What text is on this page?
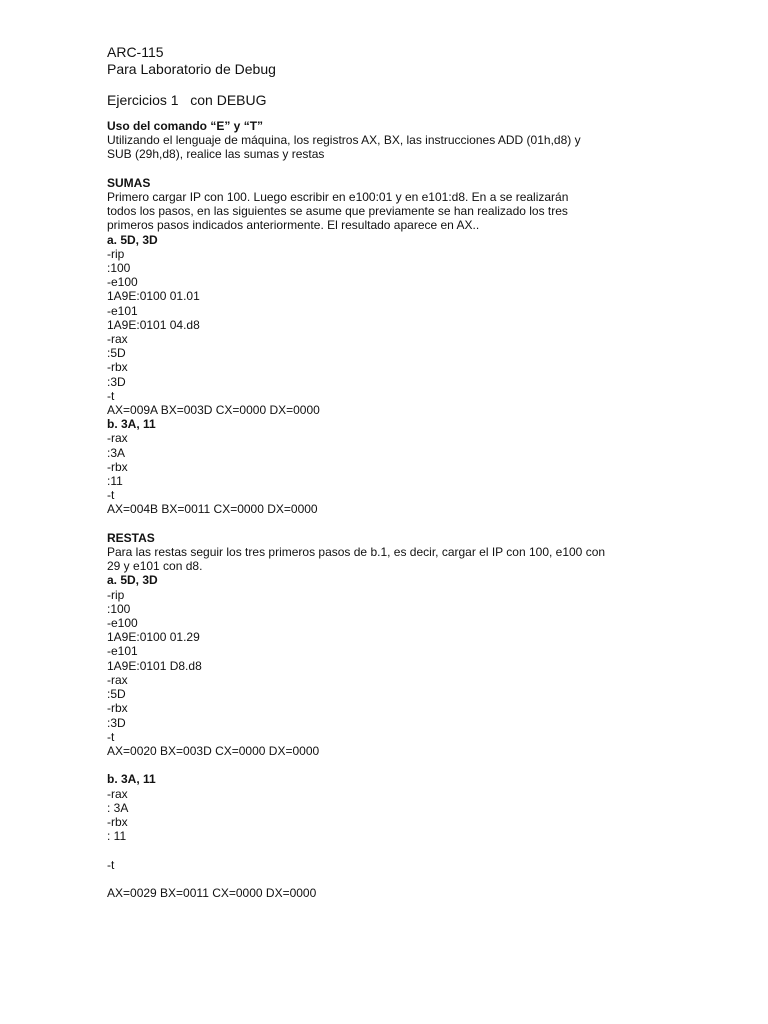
ARC-115

Para Laboratorio de Debug

Ejercicios 1   con DEBUG

Uso del comando “E” y “T”

Utilizando el lenguaje de máquina, los registros AX, BX, las instrucciones ADD (01h,d8) y SUB (29h,d8), realice las sumas y restas

SUMAS

Primero cargar IP con 100. Luego escribir en e100:01 y en e101:d8. En a se realizarán todos los pasos, en las siguientes se asume que previamente se han realizado los tres primeros pasos indicados anteriormente. El resultado aparece en AX..

a. 5D, 3D

-rip

:100

-e100

1A9E:0100 01.01

-e101

1A9E:0101 04.d8

-rax

:5D

-rbx

:3D

-t

AX=009A BX=003D CX=0000 DX=0000

b. 3A, 11

-rax

:3A

-rbx

:11

-t

AX=004B BX=0011 CX=0000 DX=0000

RESTAS

Para las restas seguir los tres primeros pasos de b.1, es decir, cargar el IP con 100, e100 con 29 y e101 con d8.

a. 5D, 3D

-rip

:100

-e100

1A9E:0100 01.29

-e101

1A9E:0101 D8.d8

-rax

:5D

-rbx

:3D

-t

AX=0020 BX=003D CX=0000 DX=0000

b. 3A, 11

-rax

: 3A

-rbx

: 11

-t

AX=0029 BX=0011 CX=0000 DX=0000
